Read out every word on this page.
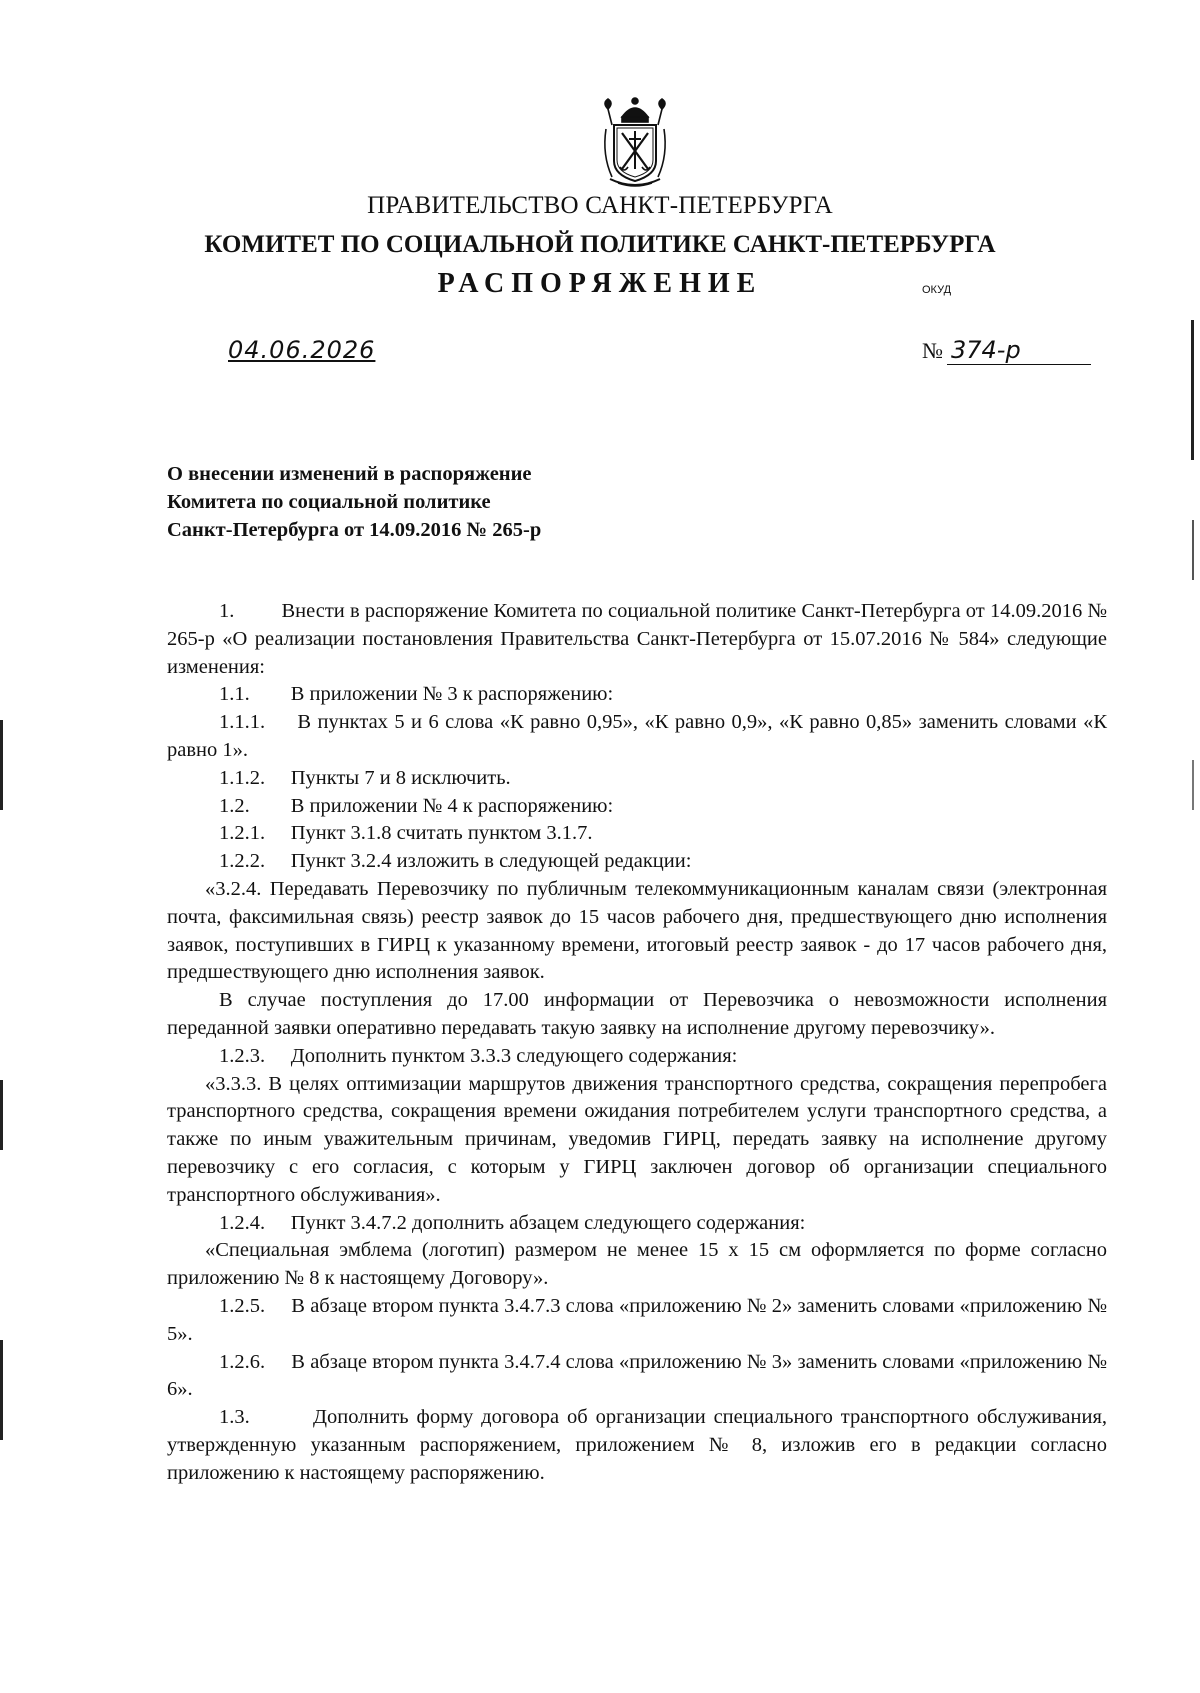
ПРАВИТЕЛЬСТВО САНКТ-ПЕТЕРБУРГА
КОМИТЕТ ПО СОЦИАЛЬНОЙ ПОЛИТИКЕ САНКТ-ПЕТЕРБУРГА
РАСПОРЯЖЕНИЕ	ОКУД
04.06.2026	№ 374-р
О внесении изменений в распоряжение
Комитета по социальной политике
Санкт-Петербурга от 14.09.2016 № 265-р

1. Внести в распоряжение Комитета по социальной политике Санкт-Петербурга от 14.09.2016 № 265-р «О реализации постановления Правительства Санкт-Петербурга от 15.07.2016 № 584» следующие изменения:

1.1. В приложении № 3 к распоряжению:

1.1.1. В пунктах 5 и 6 слова «К равно 0,95», «К равно 0,9», «К равно 0,85» заменить словами «К равно 1».

1.1.2. Пункты 7 и 8 исключить.

1.2. В приложении № 4 к распоряжению:

1.2.1. Пункт 3.1.8 считать пунктом 3.1.7.

1.2.2. Пункт 3.2.4 изложить в следующей редакции:

«3.2.4. Передавать Перевозчику по публичным телекоммуникационным каналам связи (электронная почта, факсимильная связь) реестр заявок до 15 часов рабочего дня, предшествующего дню исполнения заявок, поступивших в ГИРЦ к указанному времени, итоговый реестр заявок - до 17 часов рабочего дня, предшествующего дню исполнения заявок.

В случае поступления до 17.00 информации от Перевозчика о невозможности исполнения переданной заявки оперативно передавать такую заявку на исполнение другому перевозчику».

1.2.3. Дополнить пунктом 3.3.3 следующего содержания:

«3.3.3. В целях оптимизации маршрутов движения транспортного средства, сокращения перепробега транспортного средства, сокращения времени ожидания потребителем услуги транспортного средства, а также по иным уважительным причинам, уведомив ГИРЦ, передать заявку на исполнение другому перевозчику с его согласия, с которым у ГИРЦ заключен договор об организации специального транспортного обслуживания».

1.2.4. Пункт 3.4.7.2 дополнить абзацем следующего содержания:

«Специальная эмблема (логотип) размером не менее 15 х 15 см оформляется по форме согласно приложению № 8 к настоящему Договору».

1.2.5. В абзаце втором пункта 3.4.7.3 слова «приложению № 2» заменить словами «приложению № 5».

1.2.6. В абзаце втором пункта 3.4.7.4 слова «приложению № 3» заменить словами «приложению № 6».

1.3.	Дополнить форму договора об организации специального транспортного обслуживания, утвержденную указанным распоряжением, приложением № 8, изложив его в редакции согласно приложению к настоящему распоряжению.
